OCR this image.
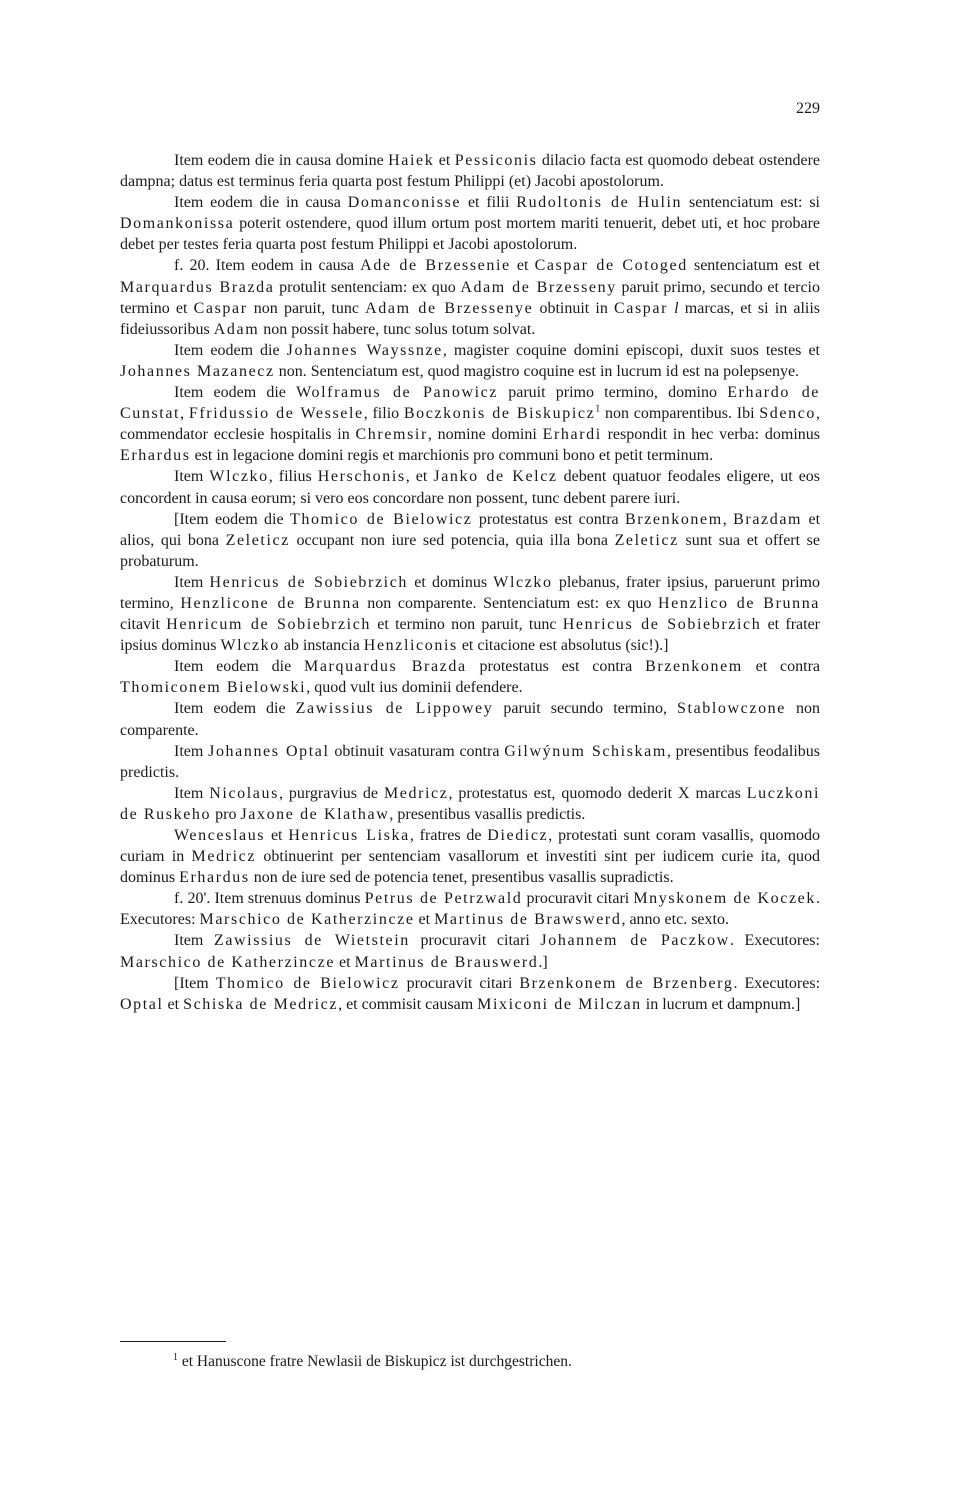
229

Item eodem die in causa domine Haiek et Pessiconis dilacio facta est quomodo debeat ostendere dampna; datus est terminus feria quarta post festum Philippi (et) Jacobi apostolorum.

Item eodem die in causa Domanconisse et filii Rudoltonis de Hulin sentenciatum est: si Domankonissa poterit ostendere, quod illum ortum post mortem mariti tenuerit, debet uti, et hoc probare debet per testes feria quarta post festum Philippi et Jacobi apostolorum.

f. 20. Item eodem in causa Ade de Brzessenie et Caspar de Cotoged sentenciatum est et Marquardus Brazda protulit sentenciam: ex quo Adam de Brzesseny paruit primo, secundo et tercio termino et Caspar non paruit, tunc Adam de Brzessenye obtinuit in Caspar l marcas, et si in aliis fideiussoribus Adam non possit habere, tunc solus totum solvat.

Item eodem die Johannes Wayssnze, magister coquine domini episcopi, duxit suos testes et Johannes Mazanecz non. Sentenciatum est, quod magistro coquine est in lucrum id est na polepsenye.

Item eodem die Wolframus de Panowicz paruit primo termino, domino Erhardo de Cunstat, Ffridussio de Wessele, filio Boczkonis de Biskupicz$^1$ non comparentibus. Ibi Sdenco, commendator ecclesie hospitalis in Chremsir, nomine domini Erhardi respondit in hec verba: dominus Erhardus est in legacione domini regis et marchionis pro communi bono et petit terminum.

Item Wlczko, filius Herschonis, et Janko de Kelcz debent quatuor feodales eligere, ut eos concordent in causa eorum; si vero eos concordare non possent, tunc debent parere iuri.

[Item eodem die Thomico de Bielowicz protestatus est contra Brzenkonem, Brazdam et alios, qui bona Zeleticz occupant non iure sed potencia, quia illa bona Zeleticz sunt sua et offert se probaturum.

Item Henricus de Sobiebrzich et dominus Wlczko plebanus, frater ipsius, paruerunt primo termino, Henzlicone de Brunna non comparente. Sentenciatum est: ex quo Henzlico de Brunna citavit Henricum de Sobiebrzich et termino non paruit, tunc Henricus de Sobiebrzich et frater ipsius dominus Wlczko ab instancia Henzliconis et citacione est absolutus (sic!).]

Item eodem die Marquardus Brazda protestatus est contra Brzenkonem et contra Thomiconem Bielowski, quod vult ius dominii defendere.

Item eodem die Zawissius de Lippowey paruit secundo termino, Stablowczone non comparente.

Item Johannes Optal obtinuit vasaturam contra Gilwýnum Schiskam, presentibus feodalibus predictis.

Item Nicolaus, purgravius de Medricz, protestatus est, quomodo dederit X marcas Luczkoni de Ruskeho pro Jaxone de Klathaw, presentibus vasallis predictis.

Wenceslaus et Henricus Liska, fratres de Diedicz, protestati sunt coram vasallis, quomodo curiam in Medricz obtinuerint per sentenciam vasallorum et investiti sint per iudicem curie ita, quod dominus Erhardus non de iure sed de potencia tenet, presentibus vasallis supradictis.

f. 20'. Item strenuus dominus Petrus de Petrzwald procuravit citari Mnyskonem de Koczek. Executores: Marschico de Katherzincze et Martinus de Brawswerd, anno etc. sexto.

Item Zawissius de Wietstein procuravit citari Johannem de Paczkow. Executores: Marschico de Katherzincze et Martinus de Brauswerd.]

[Item Thomico de Bielowicz procuravit citari Brzenkonem de Brzenberg. Executores: Optal et Schiska de Medricz, et commisit causam Mixiconi de Milczan in lucrum et dampnum.]

$^1$ et Hanuscone fratre Newlasii de Biskupicz ist durchgestrichen.
